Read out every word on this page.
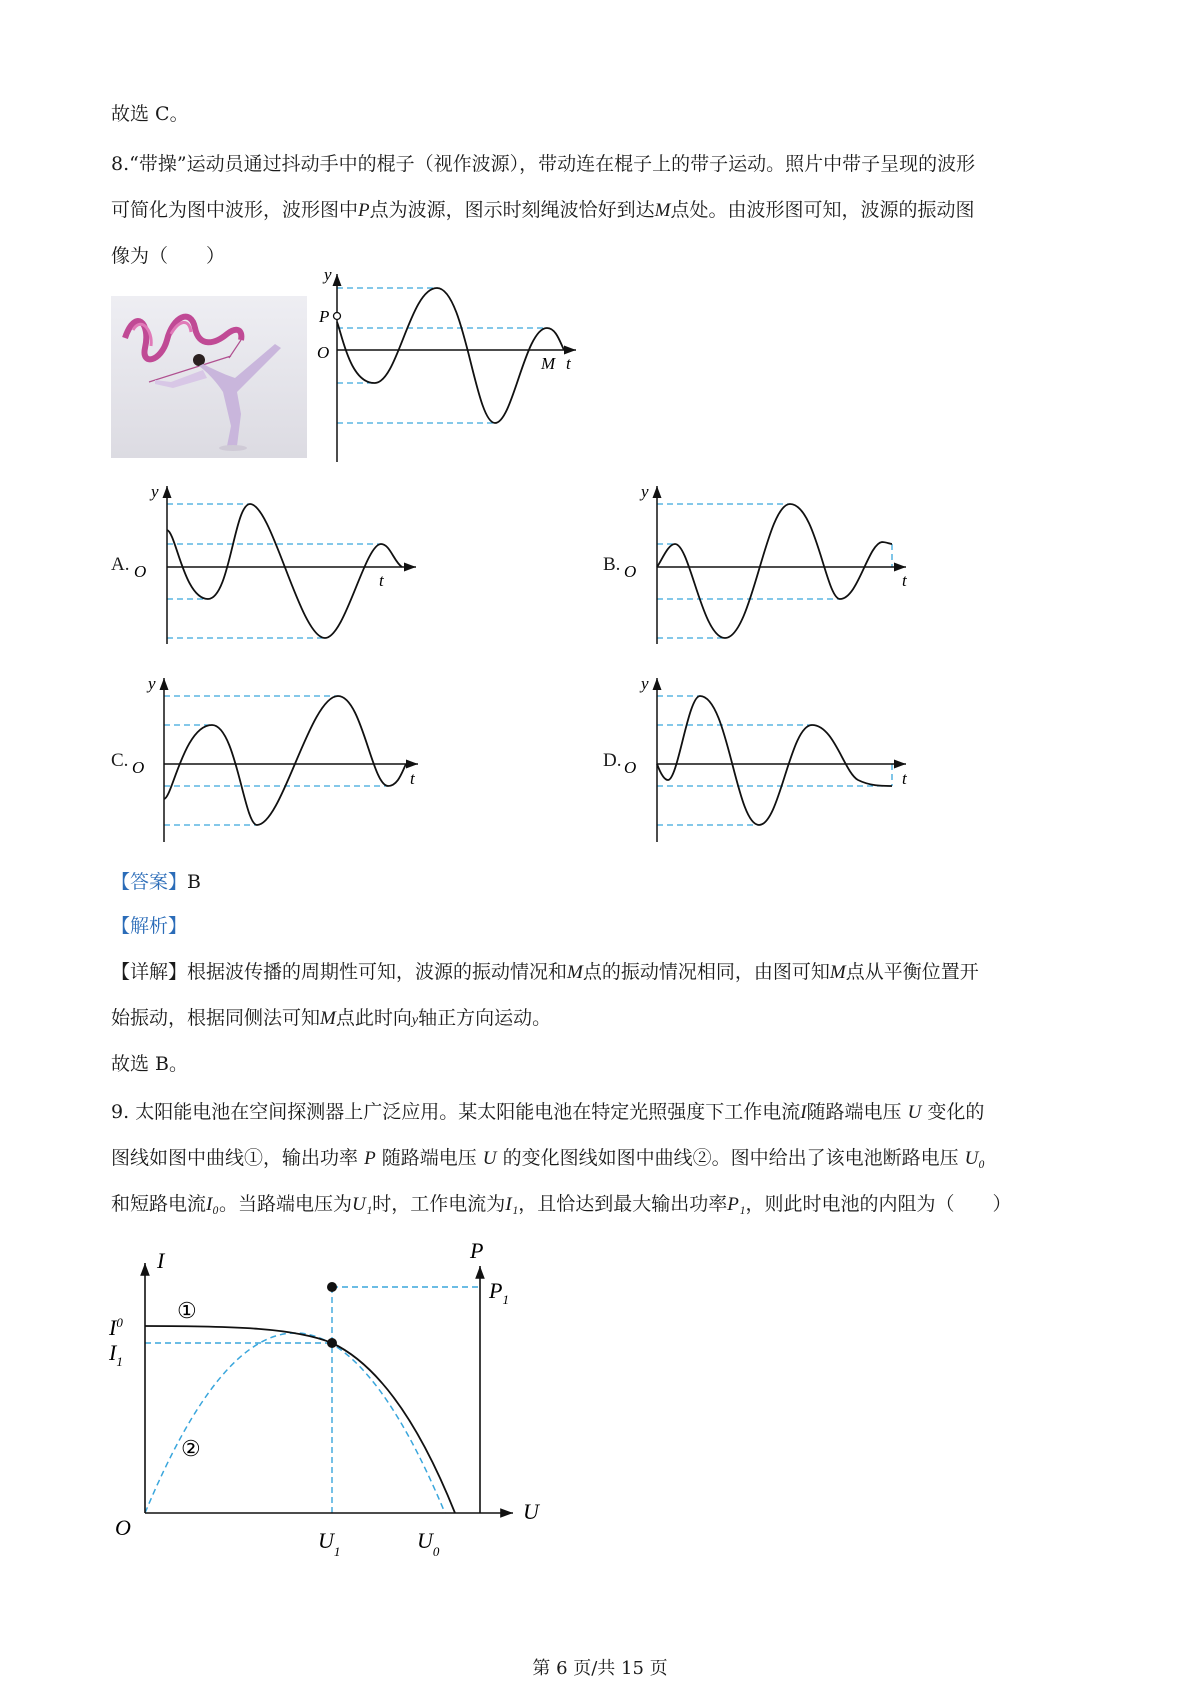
故选 C。

8.“带操”运动员通过抖动手中的棍子（视作波源），带动连在棍子上的带子运动。照片中带子呈现的波形

可简化为图中波形，波形图中P点为波源，图示时刻绳波恰好到达M点处。由波形图可知，波源的振动图

像为（　　）

y
P
O
M t
A.
y
O	t
B.
y
O	t
C.
y
O
t
D.
y
O
t

【答案】B

【解析】

【详解】根据波传播的周期性可知，波源的振动情况和M点的振动情况相同，由图可知M点从平衡位置开

始振动，根据同侧法可知M点此时向y轴正方向运动。

故选 B。

9. 太阳能电池在空间探测器上广泛应用。某太阳能电池在特定光照强度下工作电流I随路端电压 U 变化的

图线如图中曲线①，输出功率 P 随路端电压 U 的变化图线如图中曲线②。图中给出了该电池断路电压 U₀

和短路电流I₀。当路端电压为U₁时，工作电流为I₁，且恰达到最大输出功率P₁，则此时电池的内阻为（　　）

I	P
U
O
$I^0$
$I_1$
$P_1$
$U_1$	$U_0$
①
②
第 6 页/共 15 页
